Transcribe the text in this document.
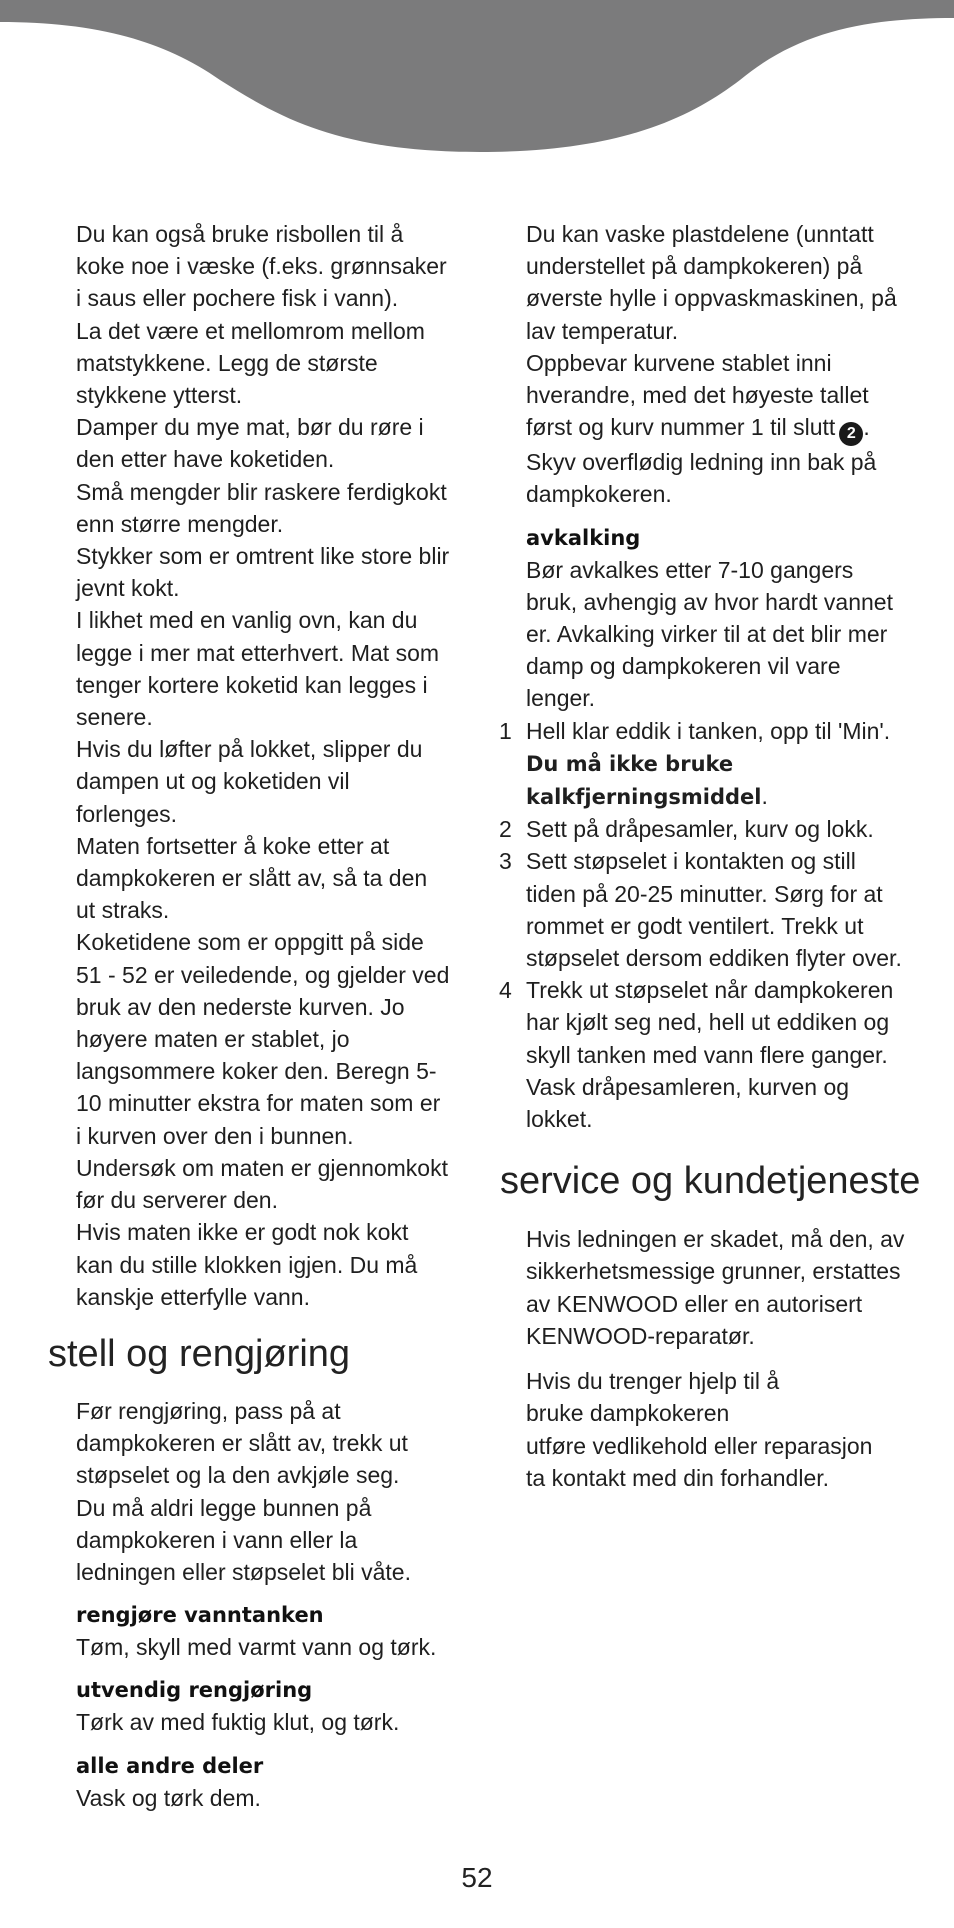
Du kan også bruke risbollen til å

koke noe i væske (f.eks. grønnsaker

i saus eller pochere fisk i vann).

La det være et mellomrom mellom

matstykkene. Legg de største

stykkene ytterst.

Damper du mye mat, bør du røre i

den etter have koketiden.

Små mengder blir raskere ferdigkokt

enn større mengder.

Stykker som er omtrent like store blir

jevnt kokt.

I likhet med en vanlig ovn, kan du

legge i mer mat etterhvert. Mat som

tenger kortere koketid kan legges i

senere.

Hvis du løfter på lokket, slipper du

dampen ut og koketiden vil

forlenges.

Maten fortsetter å koke etter at

dampkokeren er slått av, så ta den

ut straks.

Koketidene som er oppgitt på side

51 - 52 er veiledende, og gjelder ved

bruk av den nederste kurven. Jo

høyere maten er stablet, jo

langsommere koker den. Beregn 5-

10 minutter ekstra for maten som er

i kurven over den i bunnen.

Undersøk om maten er gjennomkokt

før du serverer den.

Hvis maten ikke er godt nok kokt

kan du stille klokken igjen. Du må

kanskje etterfylle vann.

stell og rengjøring

Før rengjøring, pass på at

dampkokeren er slått av, trekk ut

støpselet og la den avkjøle seg.

Du må aldri legge bunnen på

dampkokeren i vann eller la

ledningen eller støpselet bli våte.

rengjøre vanntanken

Tøm, skyll med varmt vann og tørk.

utvendig rengjøring

Tørk av med fuktig klut, og tørk.

alle andre deler

Vask og tørk dem.

Du kan vaske plastdelene (unntatt

understellet på dampkokeren) på

øverste hylle i oppvaskmaskinen, på

lav temperatur.

Oppbevar kurvene stablet inni

hverandre, med det høyeste tallet

først og kurv nummer 1 til slutt 2 .

Skyv overflødig ledning inn bak på

dampkokeren.

avkalking

Bør avkalkes etter 7-10 gangers

bruk, avhengig av hvor hardt vannet

er. Avkalking virker til at det blir mer

damp og dampkokeren vil vare

lenger.

1 Hell klar eddik i tanken, opp til 'Min'.
Du må ikke bruke
kalkfjerningsmiddel.
2 Sett på dråpesamler, kurv og lokk.
3 Sett støpselet i kontakten og still

tiden på 20-25 minutter. Sørg for at

rommet er godt ventilert. Trekk ut

støpselet dersom eddiken flyter over.

4 Trekk ut støpselet når dampkokeren

har kjølt seg ned, hell ut eddiken og

skyll tanken med vann flere ganger.

Vask dråpesamleren, kurven og

lokket.

service og kundetjeneste

Hvis ledningen er skadet, må den, av

sikkerhetsmessige grunner, erstattes

av KENWOOD eller en autorisert

KENWOOD-reparatør.

Hvis du trenger hjelp til å

bruke dampkokeren

utføre vedlikehold eller reparasjon

ta kontakt med din forhandler.

52
